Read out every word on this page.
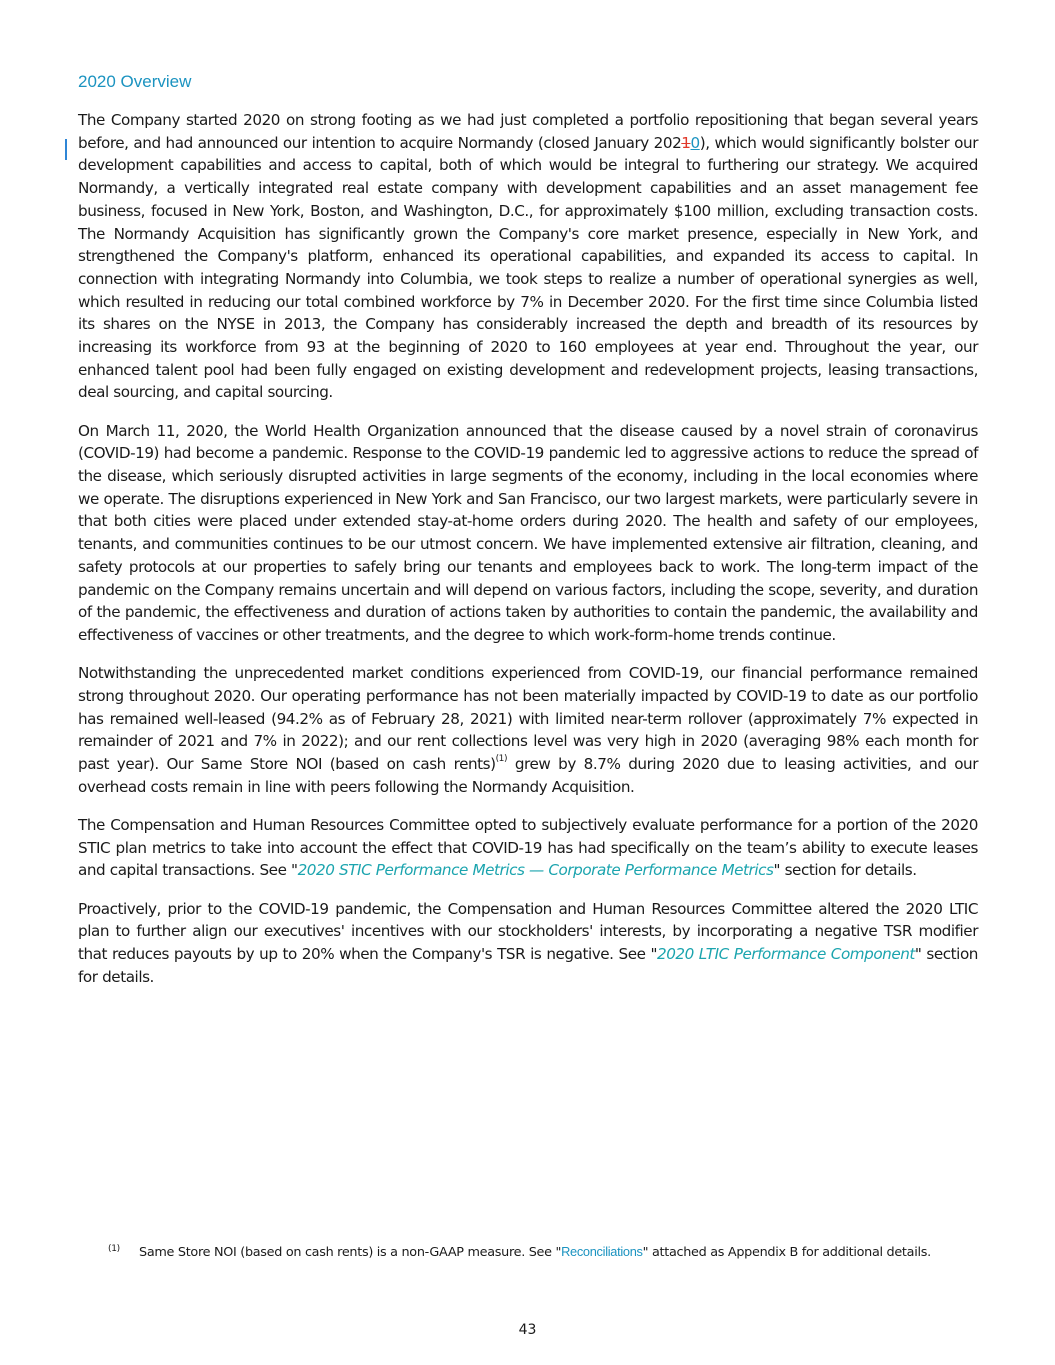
2020 Overview

The Company started 2020 on strong footing as we had just completed a portfolio repositioning that began several years before, and had announced our intention to acquire Normandy (closed January 20210), which would significantly bolster our development capabilities and access to capital, both of which would be integral to furthering our strategy. We acquired Normandy, a vertically integrated real estate company with development capabilities and an asset management fee business, focused in New York, Boston, and Washington, D.C., for approximately $100 million, excluding transaction costs. The Normandy Acquisition has significantly grown the Company's core market presence, especially in New York, and strengthened the Company's platform, enhanced its operational capabilities, and expanded its access to capital. In connection with integrating Normandy into Columbia, we took steps to realize a number of operational synergies as well, which resulted in reducing our total combined workforce by 7% in December 2020. For the first time since Columbia listed its shares on the NYSE in 2013, the Company has considerably increased the depth and breadth of its resources by increasing its workforce from 93 at the beginning of 2020 to 160 employees at year end. Throughout the year, our enhanced talent pool had been fully engaged on existing development and redevelopment projects, leasing transactions, deal sourcing, and capital sourcing.

On March 11, 2020, the World Health Organization announced that the disease caused by a novel strain of coronavirus (COVID-19) had become a pandemic. Response to the COVID-19 pandemic led to aggressive actions to reduce the spread of the disease, which seriously disrupted activities in large segments of the economy, including in the local economies where we operate. The disruptions experienced in New York and San Francisco, our two largest markets, were particularly severe in that both cities were placed under extended stay-at-home orders during 2020. The health and safety of our employees, tenants, and communities continues to be our utmost concern. We have implemented extensive air filtration, cleaning, and safety protocols at our properties to safely bring our tenants and employees back to work. The long-term impact of the pandemic on the Company remains uncertain and will depend on various factors, including the scope, severity, and duration of the pandemic, the effectiveness and duration of actions taken by authorities to contain the pandemic, the availability and effectiveness of vaccines or other treatments, and the degree to which work-form-home trends continue.

Notwithstanding the unprecedented market conditions experienced from COVID-19, our financial performance remained strong throughout 2020. Our operating performance has not been materially impacted by COVID-19 to date as our portfolio has remained well-leased (94.2% as of February 28, 2021) with limited near-term rollover (approximately 7% expected in remainder of 2021 and 7% in 2022); and our rent collections level was very high in 2020 (averaging 98% each month for past year). Our Same Store NOI (based on cash rents)$^{(1)}$ grew by 8.7% during 2020 due to leasing activities, and our overhead costs remain in line with peers following the Normandy Acquisition.

The Compensation and Human Resources Committee opted to subjectively evaluate performance for a portion of the 2020 STIC plan metrics to take into account the effect that COVID-19 has had specifically on the team’s ability to execute leases and capital transactions. See "2020 STIC Performance Metrics — Corporate Performance Metrics" section for details.

Proactively, prior to the COVID-19 pandemic, the Compensation and Human Resources Committee altered the 2020 LTIC plan to further align our executives' incentives with our stockholders' interests, by incorporating a negative TSR modifier that reduces payouts by up to 20% when the Company's TSR is negative. See "2020 LTIC Performance Component" section for details.

(1) Same Store NOI (based on cash rents) is a non-GAAP measure. See "Reconciliations" attached as Appendix B for additional details.
43
